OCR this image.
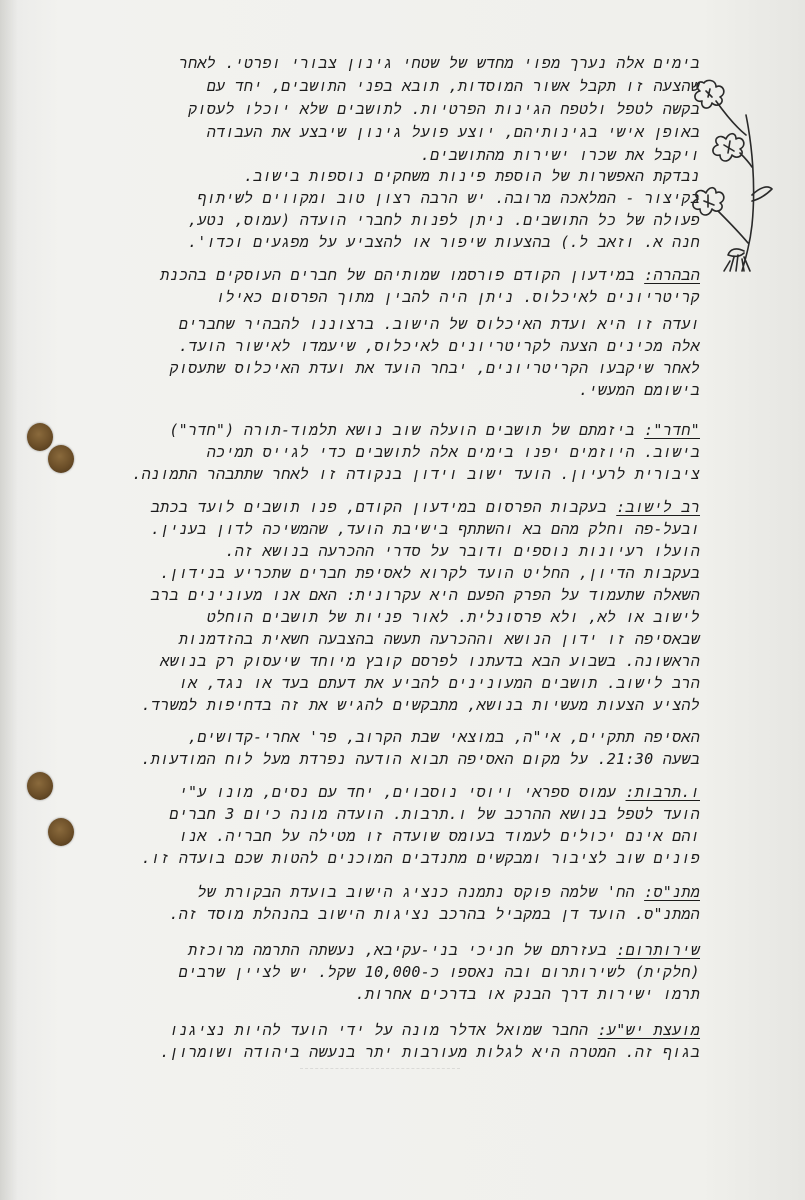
בימים אלה נערך מפוי מחדש של שטחי גינון צבורי ופרטי. לאחר
שהצעה זו תקבל אשור המוסדות, תובא בפני התושבים, יחד עם
בקשה לטפל ולטפח הגינות הפרטיות. לתושבים שלא יוכלו לעסוק
באופן אישי בגינותיהם, יוצע פועל גינון שיבצע את העבודה
ויקבל את שכרו ישירות מהתושבים.
נבדקת האפשרות של הוספת פינות משחקים נוספות בישוב.
בקיצור - המלאכה מרובה. יש הרבה רצון טוב ומקווים לשיתוף
פעולה של כל התושבים. ניתן לפנות לחברי הועדה (עמוס, נטע,
חנה א. וזאב ל.) בהצעות שיפור או להצביע על מפגעים וכדו'.
הבהרה: במידעון הקודם פורסמו שמותיהם של חברים העוסקים בהכנת
קריטריונים לאיכלוס. ניתן היה להבין מתוך הפרסום כאילו
ועדה זו היא ועדת האיכלוס של הישוב. ברצוננו להבהיר שחברים
אלה מכינים הצעה לקריטריונים לאיכלוס, שיעמדו לאישור הועד.
לאחר שיקבעו הקריטריונים, יבחר הועד את ועדת האיכלוס שתעסוק
בישומם המעשי.
"חדר": ביזמתם של תושבים הועלה שוב נושא תלמוד-תורה ("חדר")
בישוב. היוזמים יפנו בימים אלה לתושבים כדי לגייס תמיכה
ציבורית לרעיון. הועד ישוב וידון בנקודה זו לאחר שתתבהר התמונה.
רב לישוב: בעקבות הפרסום במידעון הקודם, פנו תושבים לועד בכתב
ובעל-פה וחלק מהם בא והשתתף בישיבת הועד, שהמשיכה לדון בענין.
הועלו רעיונות נוספים ודובר על סדרי ההכרעה בנושא זה.
בעקבות הדיון, החליט הועד לקרוא לאסיפת חברים שתכריע בנידון.
השאלה שתעמוד על הפרק הפעם היא עקרונית: האם אנו מעונינים ברב
לישוב או לא, ולא פרסונלית. לאור פניות של תושבים הוחלט
שבאסיפה זו ידון הנושא וההכרעה תעשה בהצבעה חשאית בהזדמנות
הראשונה. בשבוע הבא בדעתנו לפרסם קובץ מיוחד שיעסוק רק בנושא
הרב לישוב. תושבים המעונינים להביע את דעתם בעד או נגד, או
להציע הצעות מעשיות בנושא, מתבקשים להגיש את זה בדחיפות למשרד.
האסיפה תתקיים, אי"ה, במוצאי שבת הקרוב, פר' אחרי-קדושים,
בשעה 21:30. על מקום האסיפה תבוא הודעה נפרדת מעל לוח המודעות.
ו.תרבות: עמוס ספראי ויוסי נוסבוים, יחד עם נסים, מונו ע"י
הועד לטפל בנושא ההרכב של ו.תרבות. הועדה מונה כיום 3 חברים
והם אינם יכולים לעמוד בעומס שועדה זו מטילה על חבריה. אנו
פונים שוב לציבור ומבקשים מתנדבים המוכנים להטות שכם בועדה זו.
מתנ"ס: הח' שלמה פוקס נתמנה כנציג הישוב בועדת הבקורת של
המתנ"ס. הועד דן במקביל בהרכב נציגות הישוב בהנהלת מוסד זה.
שירותרום: בעזרתם של חניכי בני-עקיבא, נעשתה התרמה מרוכזת
(חלקית) לשירותרום ובה נאספו כ-10,000 שקל. יש לציין שרבים
תרמו ישירות דרך הבנק או בדרכים אחרות.
מועצת יש"ע: החבר שמואל אדלר מונה על ידי הועד להיות נציגנו
בגוף זה. המטרה היא לגלות מעורבות יתר בנעשה ביהודה ושומרון.
